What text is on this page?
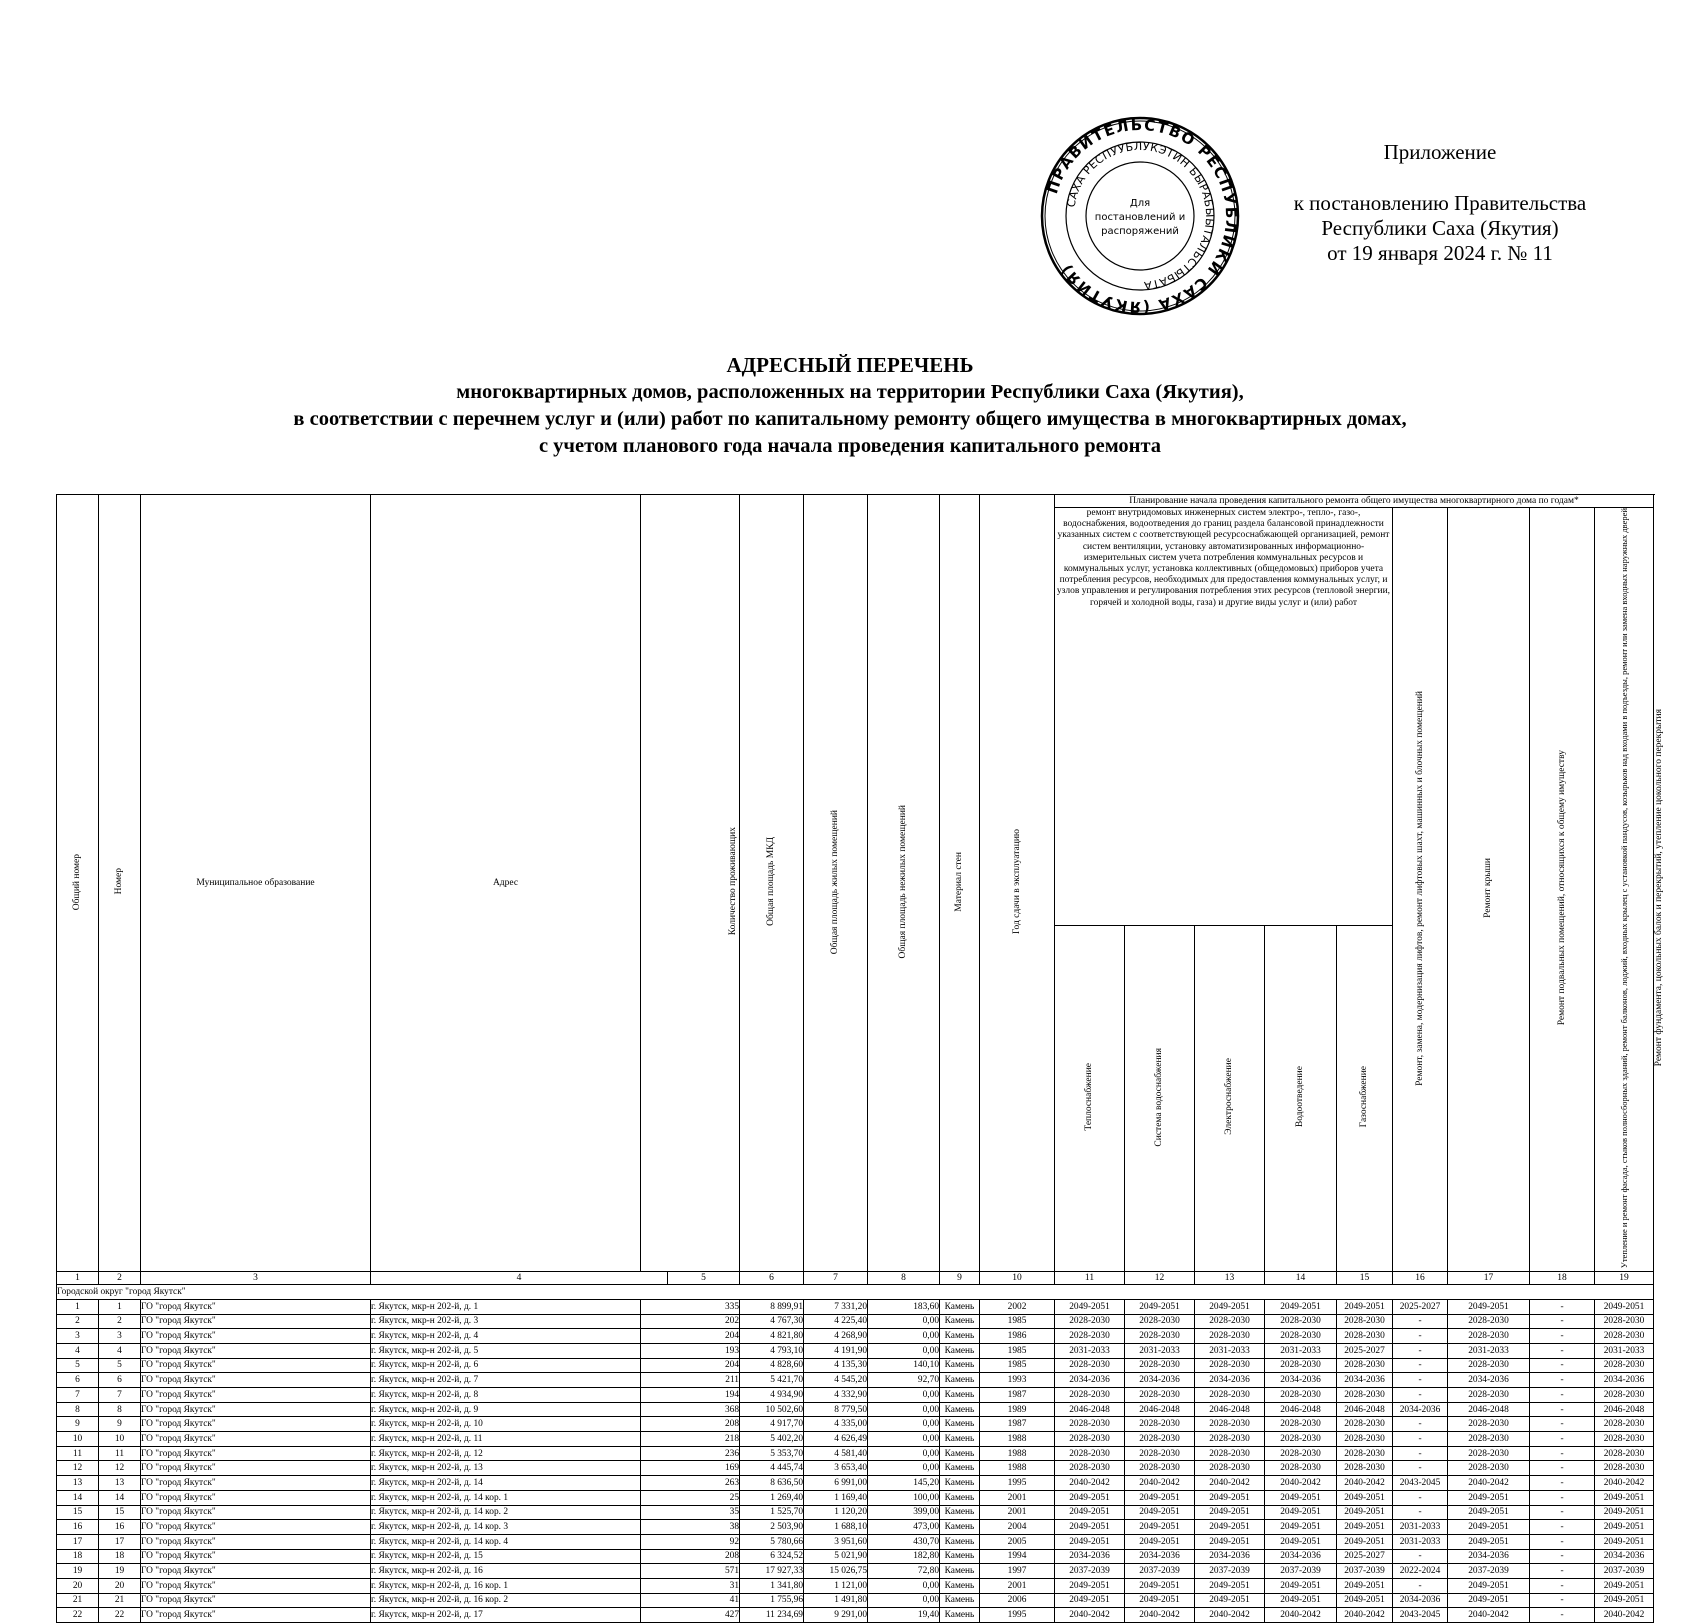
ПРАВИТЕЛЬСТВО РЕСПУБЛИКИ САХА (ЯКУТИЯ)
САХА РЕСПУУБЛУКЭТИН БЫРАБЫЫТАЛЬСТЫБАТА
Для
постановлений и
распоряжений
Приложение
к постановлению Правительства
Республики Саха (Якутия)
от 19 января 2024 г. № 11
АДРЕСНЫЙ ПЕРЕЧЕНЬ
многоквартирных домов, расположенных на территории Республики Саха (Якутия),
в соответствии с перечнем услуг и (или) работ по капитальному ремонту общего имущества в многоквартирных домах,
с учетом планового года начала проведения капитального ремонта
Общий номер	Номер	Муниципальное образование	Адрес	Количество проживающих		Общая площадь МКД	Общая площадь жилых помещений	Общая площадь нежилых помещений	Материал стен	Год сдачи в эксплуатацию	Планирование начала проведения капитального ремонта общего имущества многоквартирного дома по годам*									
											ремонт внутридомовых инженерных систем электро-, тепло-, газо-, водоснабжения, водоотведения до границ раздела балансовой принадлежности указанных систем с соответствующей ресурсоснабжающей организацией, ремонт систем вентиляции, установку автоматизированных информационно-измерительных систем учета потребления коммунальных ресурсов и коммунальных услуг, установка коллективных (общедомовых) приборов учета потребления ресурсов, необходимых для предоставления коммунальных услуг, и узлов управления и регулирования потребления этих ресурсов (тепловой энергии, горячей и холодной воды, газа) и другие виды услуг и (или) работ					Ремонт, замена, модернизация лифтов, ремонт лифтовых шахт, машинных и блочных помещений	Ремонт крыши	Ремонт подвальных помещений, относящихся к общему имуществу	Утепление и ремонт фасада, стыков полносборных зданий, ремонт балконов, лоджий, входных крылец с установкой пандусов, козырьков над входами в подъезды, ремонт или замена входных наружных дверей	Ремонт фундамента, цокольных балок и перекрытий, утепление цокольного перекрытия
											Теплоснабжение	Система водоснабжения	Электроснабжение	Водоотведение	Газоснабжение					
1	2	3	4		5	6	7	8	9	10	11	12	13	14	15	16	17	18	19	
Городской округ "город Якутск"																				
1	1	ГО "город Якутск"	г. Якутск, мкр-н 202-й, д. 1	335		8 899,91	7 331,20	183,60	Камень	2002	2049-2051	2049-2051	2049-2051	2049-2051	2049-2051	2025-2027	2049-2051	-	2049-2051	
2	2	ГО "город Якутск"	г. Якутск, мкр-н 202-й, д. 3	202		4 767,30	4 225,40	0,00	Камень	1985	2028-2030	2028-2030	2028-2030	2028-2030	2028-2030	-	2028-2030	-	2028-2030	
3	3	ГО "город Якутск"	г. Якутск, мкр-н 202-й, д. 4	204		4 821,80	4 268,90	0,00	Камень	1986	2028-2030	2028-2030	2028-2030	2028-2030	2028-2030	-	2028-2030	-	2028-2030	
4	4	ГО "город Якутск"	г. Якутск, мкр-н 202-й, д. 5	193		4 793,10	4 191,90	0,00	Камень	1985	2031-2033	2031-2033	2031-2033	2031-2033	2025-2027	-	2031-2033	-	2031-2033	
5	5	ГО "город Якутск"	г. Якутск, мкр-н 202-й, д. 6	204		4 828,60	4 135,30	140,10	Камень	1985	2028-2030	2028-2030	2028-2030	2028-2030	2028-2030	-	2028-2030	-	2028-2030	
6	6	ГО "город Якутск"	г. Якутск, мкр-н 202-й, д. 7	211		5 421,70	4 545,20	92,70	Камень	1993	2034-2036	2034-2036	2034-2036	2034-2036	2034-2036	-	2034-2036	-	2034-2036	
7	7	ГО "город Якутск"	г. Якутск, мкр-н 202-й, д. 8	194		4 934,90	4 332,90	0,00	Камень	1987	2028-2030	2028-2030	2028-2030	2028-2030	2028-2030	-	2028-2030	-	2028-2030	
8	8	ГО "город Якутск"	г. Якутск, мкр-н 202-й, д. 9	368		10 502,60	8 779,50	0,00	Камень	1989	2046-2048	2046-2048	2046-2048	2046-2048	2046-2048	2034-2036	2046-2048	-	2046-2048	
9	9	ГО "город Якутск"	г. Якутск, мкр-н 202-й, д. 10	208		4 917,70	4 335,00	0,00	Камень	1987	2028-2030	2028-2030	2028-2030	2028-2030	2028-2030	-	2028-2030	-	2028-2030	
10	10	ГО "город Якутск"	г. Якутск, мкр-н 202-й, д. 11	218		5 402,20	4 626,49	0,00	Камень	1988	2028-2030	2028-2030	2028-2030	2028-2030	2028-2030	-	2028-2030	-	2028-2030	
11	11	ГО "город Якутск"	г. Якутск, мкр-н 202-й, д. 12	236		5 353,70	4 581,40	0,00	Камень	1988	2028-2030	2028-2030	2028-2030	2028-2030	2028-2030	-	2028-2030	-	2028-2030	
12	12	ГО "город Якутск"	г. Якутск, мкр-н 202-й, д. 13	169		4 445,74	3 653,40	0,00	Камень	1988	2028-2030	2028-2030	2028-2030	2028-2030	2028-2030	-	2028-2030	-	2028-2030	
13	13	ГО "город Якутск"	г. Якутск, мкр-н 202-й, д. 14	263		8 636,50	6 991,00	145,20	Камень	1995	2040-2042	2040-2042	2040-2042	2040-2042	2040-2042	2043-2045	2040-2042	-	2040-2042	
14	14	ГО "город Якутск"	г. Якутск, мкр-н 202-й, д. 14 кор. 1	25		1 269,40	1 169,40	100,00	Камень	2001	2049-2051	2049-2051	2049-2051	2049-2051	2049-2051	-	2049-2051	-	2049-2051	
15	15	ГО "город Якутск"	г. Якутск, мкр-н 202-й, д. 14 кор. 2	35		1 525,70	1 120,20	399,00	Камень	2001	2049-2051	2049-2051	2049-2051	2049-2051	2049-2051	-	2049-2051	-	2049-2051	
16	16	ГО "город Якутск"	г. Якутск, мкр-н 202-й, д. 14 кор. 3	38		2 503,90	1 688,10	473,00	Камень	2004	2049-2051	2049-2051	2049-2051	2049-2051	2049-2051	2031-2033	2049-2051	-	2049-2051	
17	17	ГО "город Якутск"	г. Якутск, мкр-н 202-й, д. 14 кор. 4	92		5 780,66	3 951,60	430,70	Камень	2005	2049-2051	2049-2051	2049-2051	2049-2051	2049-2051	2031-2033	2049-2051	-	2049-2051	
18	18	ГО "город Якутск"	г. Якутск, мкр-н 202-й, д. 15	208		6 324,52	5 021,90	182,80	Камень	1994	2034-2036	2034-2036	2034-2036	2034-2036	2025-2027	-	2034-2036	-	2034-2036	
19	19	ГО "город Якутск"	г. Якутск, мкр-н 202-й, д. 16	571		17 927,33	15 026,75	72,80	Камень	1997	2037-2039	2037-2039	2037-2039	2037-2039	2037-2039	2022-2024	2037-2039	-	2037-2039	
20	20	ГО "город Якутск"	г. Якутск, мкр-н 202-й, д. 16 кор. 1	31		1 341,80	1 121,00	0,00	Камень	2001	2049-2051	2049-2051	2049-2051	2049-2051	2049-2051	-	2049-2051	-	2049-2051	
21	21	ГО "город Якутск"	г. Якутск, мкр-н 202-й, д. 16 кор. 2	41		1 755,96	1 491,80	0,00	Камень	2006	2049-2051	2049-2051	2049-2051	2049-2051	2049-2051	2034-2036	2049-2051	-	2049-2051	
22	22	ГО "город Якутск"	г. Якутск, мкр-н 202-й, д. 17	427		11 234,69	9 291,00	19,40	Камень	1995	2040-2042	2040-2042	2040-2042	2040-2042	2040-2042	2043-2045	2040-2042	-	2040-2042	
